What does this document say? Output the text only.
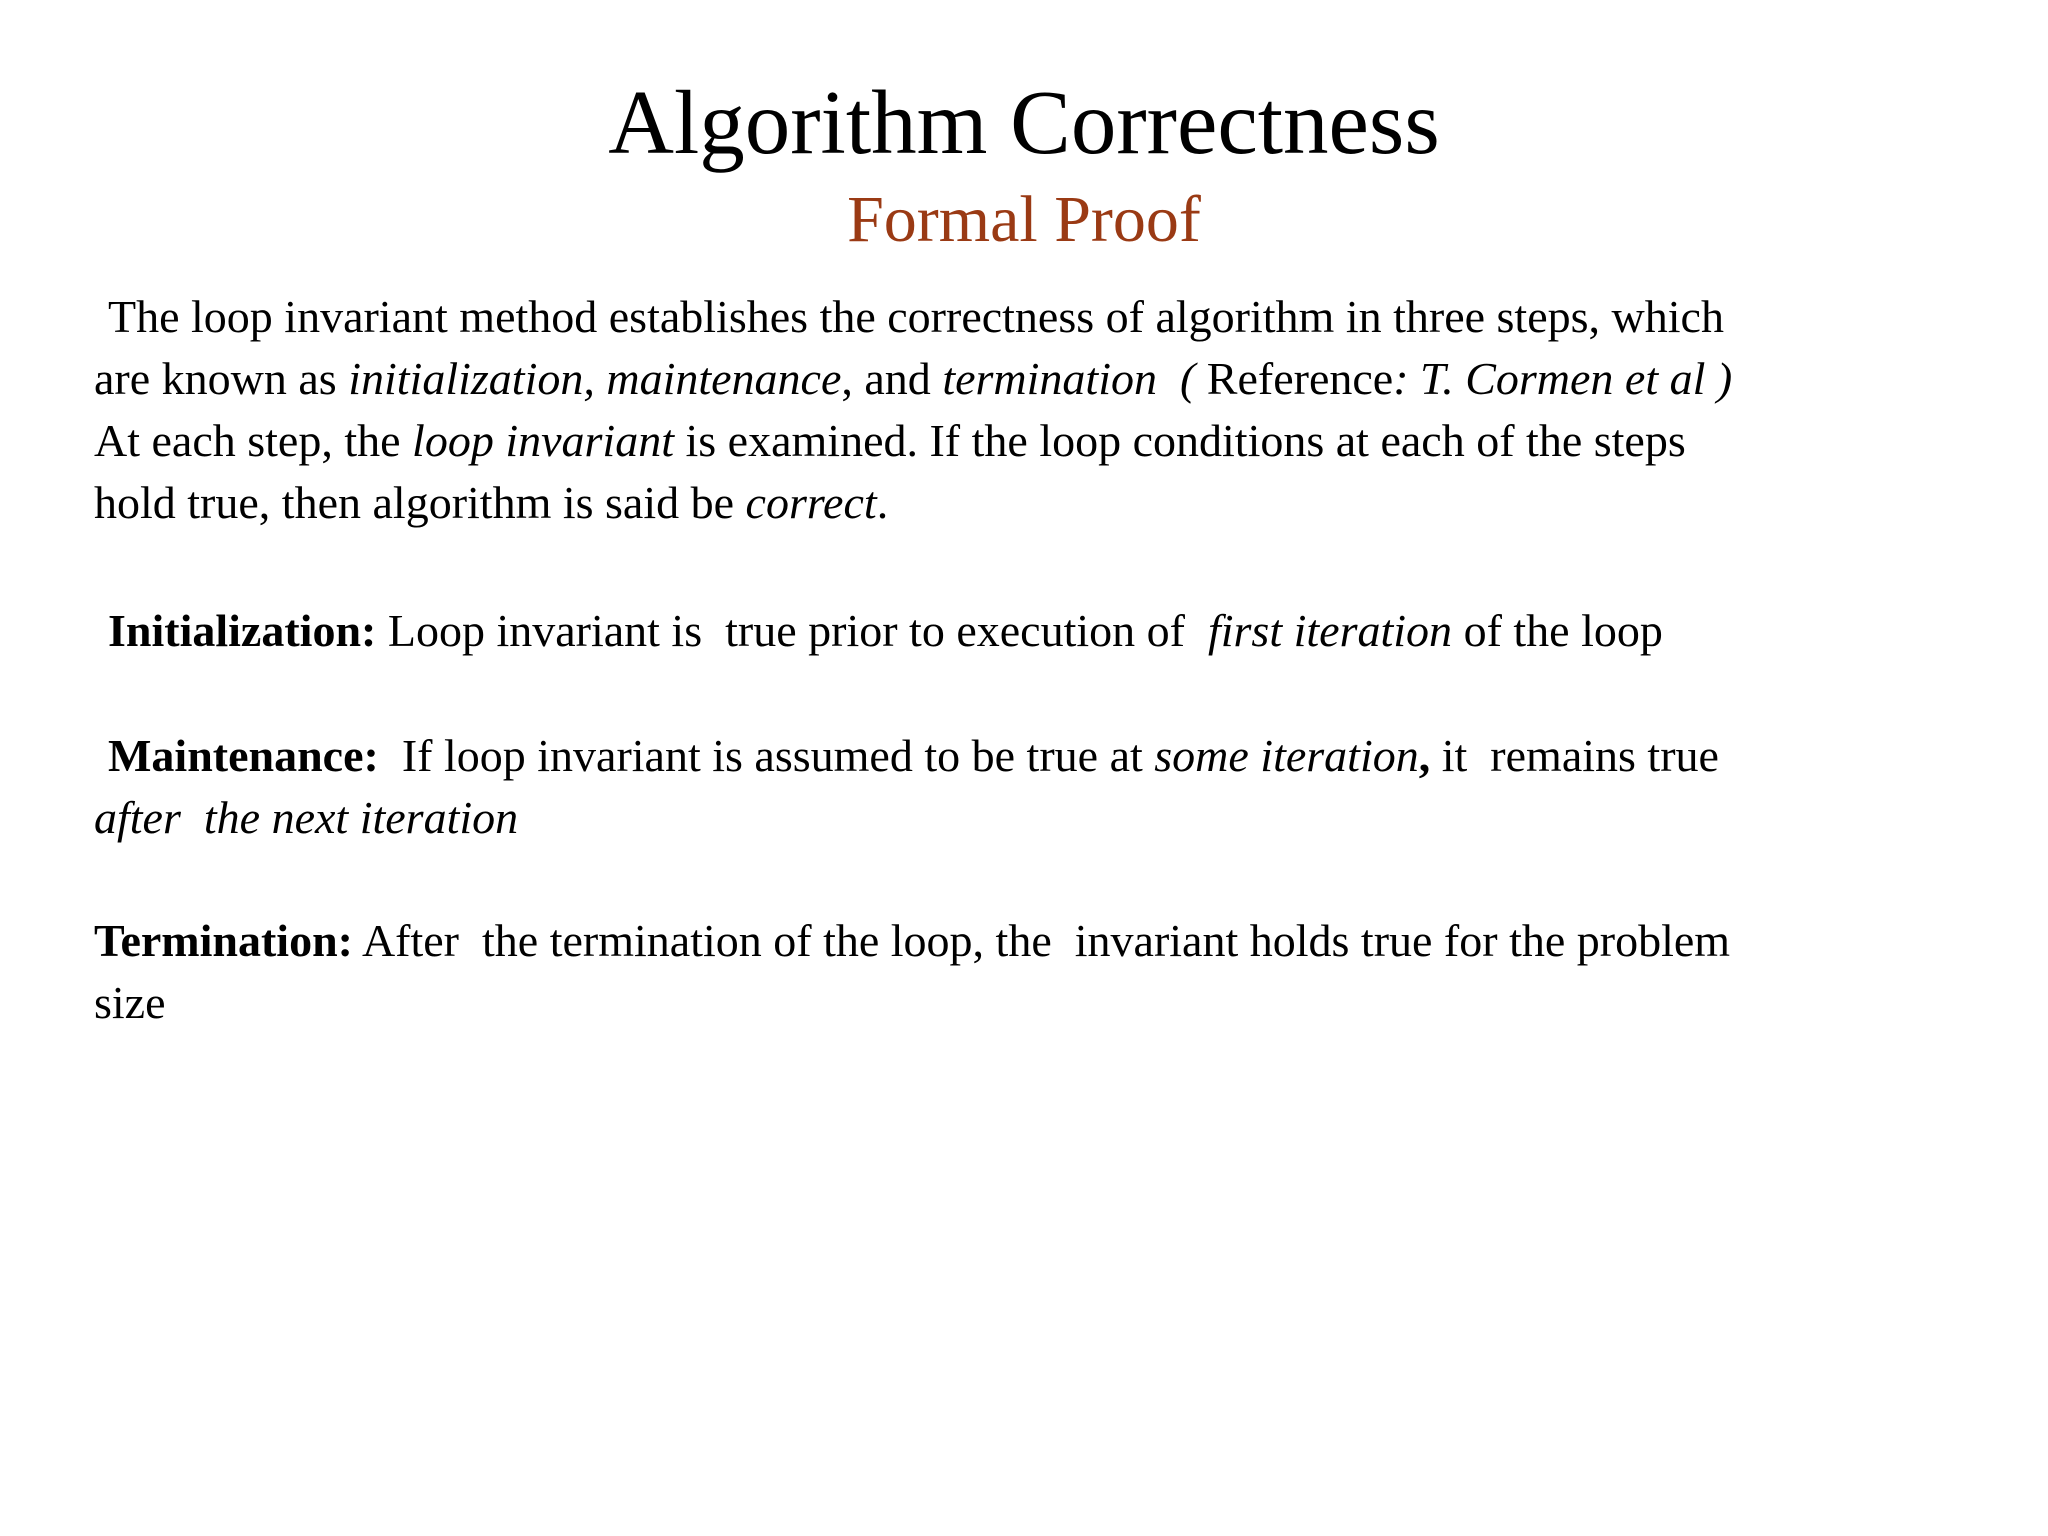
Algorithm Correctness
Formal Proof
The loop invariant method establishes the correctness of algorithm in three steps, which
are known as initialization, maintenance, and termination  ( Reference: T. Cormen et al )
At each step, the loop invariant is examined. If the loop conditions at each of the steps
hold true, then algorithm is said be correct.
Initialization: Loop invariant is  true prior to execution of  first iteration of the loop
Maintenance:  If loop invariant is assumed to be true at some iteration, it  remains true
after  the next iteration
Termination: After  the termination of the loop, the  invariant holds true for the problem
size
